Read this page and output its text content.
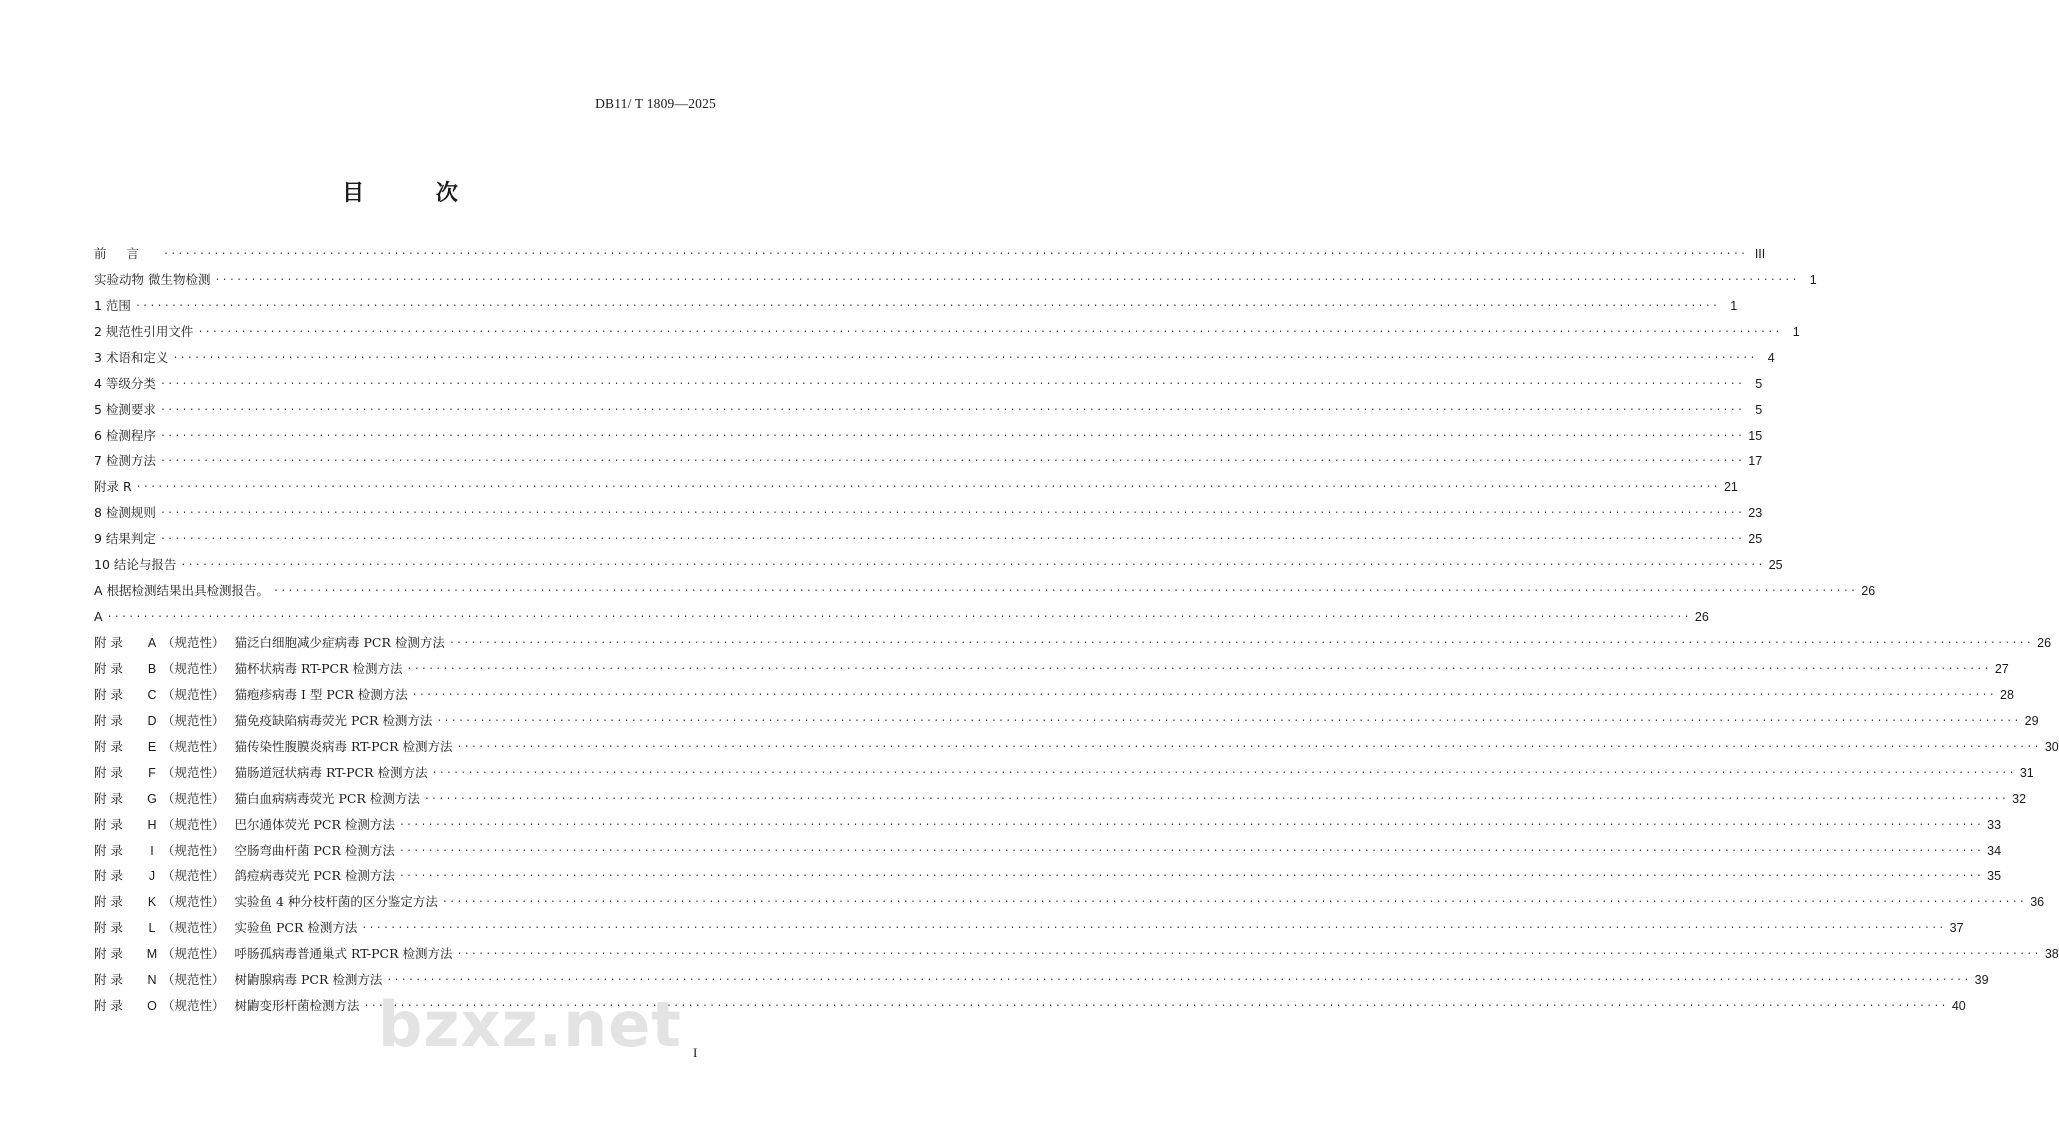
DB11/ T 1809—2025
目 次
前言 ............................................................................................................................................................................................................................ III
实验动物 微生物检测 ............................................................................................................................................................................................................................ 1
1 范围 ............................................................................................................................................................................................................................ 1
2 规范性引用文件 ............................................................................................................................................................................................................................ 1
3 术语和定义 ............................................................................................................................................................................................................................ 4
4 等级分类 ............................................................................................................................................................................................................................ 5
5 检测要求 ............................................................................................................................................................................................................................ 5
6 检测程序 ............................................................................................................................................................................................................................ 15
7 检测方法 ............................................................................................................................................................................................................................ 17
附录 R ............................................................................................................................................................................................................................ 21
8 检测规则 ............................................................................................................................................................................................................................ 23
9 结果判定 ............................................................................................................................................................................................................................ 25
10 结论与报告 ............................................................................................................................................................................................................................ 25
A 根据检测结果出具检测报告。 ............................................................................................................................................................................................................................ 26
A ............................................................................................................................................................................................................................ 26
附 录	A （规范性） 猫泛白细胞减少症病毒 PCR 检测方法 ............................................................................................................................................................................................................................ 26
附 录	B （规范性） 猫杯状病毒 RT-PCR 检测方法 ............................................................................................................................................................................................................................ 27
附 录	C （规范性） 猫疱疹病毒 I 型 PCR 检测方法 ............................................................................................................................................................................................................................ 28
附 录	D （规范性） 猫免疫缺陷病毒荧光 PCR 检测方法 ............................................................................................................................................................................................................................ 29
附 录	E （规范性） 猫传染性腹膜炎病毒 RT-PCR 检测方法 ............................................................................................................................................................................................................................ 30
附 录	F （规范性） 猫肠道冠状病毒 RT-PCR 检测方法 ............................................................................................................................................................................................................................ 31
附 录	G （规范性） 猫白血病病毒荧光 PCR 检测方法 ............................................................................................................................................................................................................................ 32
附 录	H （规范性） 巴尔通体荧光 PCR 检测方法 ............................................................................................................................................................................................................................ 33
附 录	I （规范性） 空肠弯曲杆菌 PCR 检测方法 ............................................................................................................................................................................................................................ 34
附 录	J （规范性） 鸽痘病毒荧光 PCR 检测方法 ............................................................................................................................................................................................................................ 35
附 录	K （规范性） 实验鱼 4 种分枝杆菌的区分鉴定方法 ............................................................................................................................................................................................................................ 36
附 录	L （规范性） 实验鱼 PCR 检测方法 ............................................................................................................................................................................................................................ 37
附 录	M （规范性） 呼肠孤病毒普通巢式 RT-PCR 检测方法 ............................................................................................................................................................................................................................ 38
附 录	N （规范性） 树鼩腺病毒 PCR 检测方法 ............................................................................................................................................................................................................................ 39
附 录	O （规范性） 树鼩变形杆菌检测方法 ............................................................................................................................................................................................................................ 40
bzxz.net I
